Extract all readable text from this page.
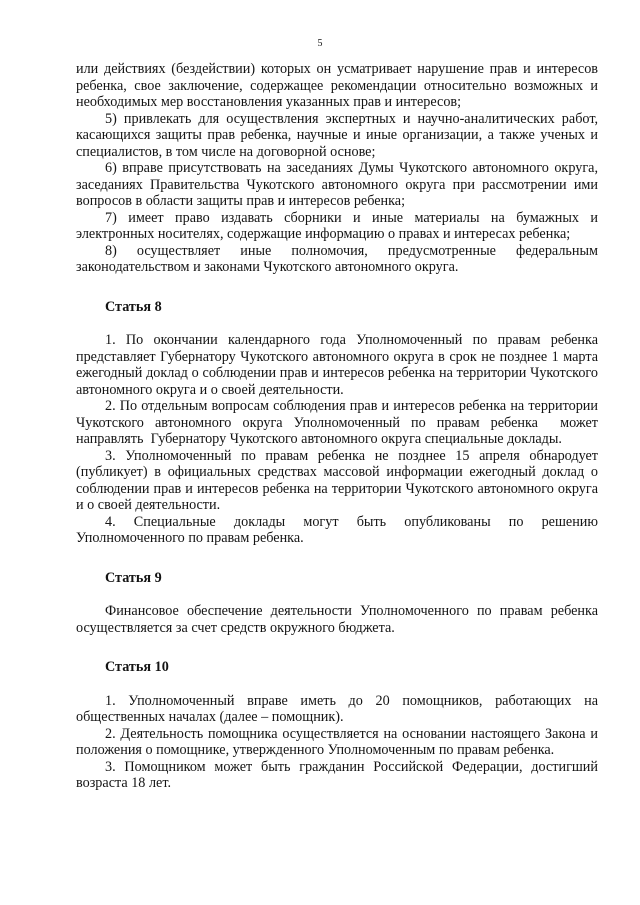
5

или действиях (бездействии) которых он усматривает нарушение прав и интересов ребенка, свое заключение, содержащее рекомендации относительно возможных и необходимых мер восстановления указанных прав и интересов;

5) привлекать для осуществления экспертных и научно-аналитических работ, касающихся защиты прав ребенка, научные и иные организации, а также ученых и специалистов, в том числе на договорной основе;

6) вправе присутствовать на заседаниях Думы Чукотского автономного округа, заседаниях Правительства Чукотского автономного округа при рассмотрении ими вопросов в области защиты прав и интересов ребенка;

7) имеет право издавать сборники и иные материалы на бумажных и электронных носителях, содержащие информацию о правах и интересах ребенка;

8) осуществляет иные полномочия, предусмотренные федеральным законодательством и законами Чукотского автономного округа.

Статья 8

1. По окончании календарного года Уполномоченный по правам ребенка представляет Губернатору Чукотского автономного округа в срок не позднее 1 марта ежегодный доклад о соблюдении прав и интересов ребенка на территории Чукотского автономного округа и о своей деятельности.

2. По отдельным вопросам соблюдения прав и интересов ребенка на территории Чукотского автономного округа Уполномоченный по правам ребенка  может направлять  Губернатору Чукотского автономного округа специальные доклады.

3. Уполномоченный по правам ребенка не позднее 15 апреля обнародует (публикует) в официальных средствах массовой информации ежегодный доклад о соблюдении прав и интересов ребенка на территории Чукотского автономного округа и о своей деятельности.

4. Специальные доклады могут быть опубликованы по решению Уполномоченного по правам ребенка.

Статья 9

Финансовое обеспечение деятельности Уполномоченного по правам ребенка осуществляется за счет средств окружного бюджета.

Статья 10

1. Уполномоченный вправе иметь до 20 помощников, работающих на общественных началах (далее – помощник).

2. Деятельность помощника осуществляется на основании настоящего Закона и положения о помощнике, утвержденного Уполномоченным по правам ребенка.

3. Помощником может быть гражданин Российской Федерации, достигший возраста 18 лет.
